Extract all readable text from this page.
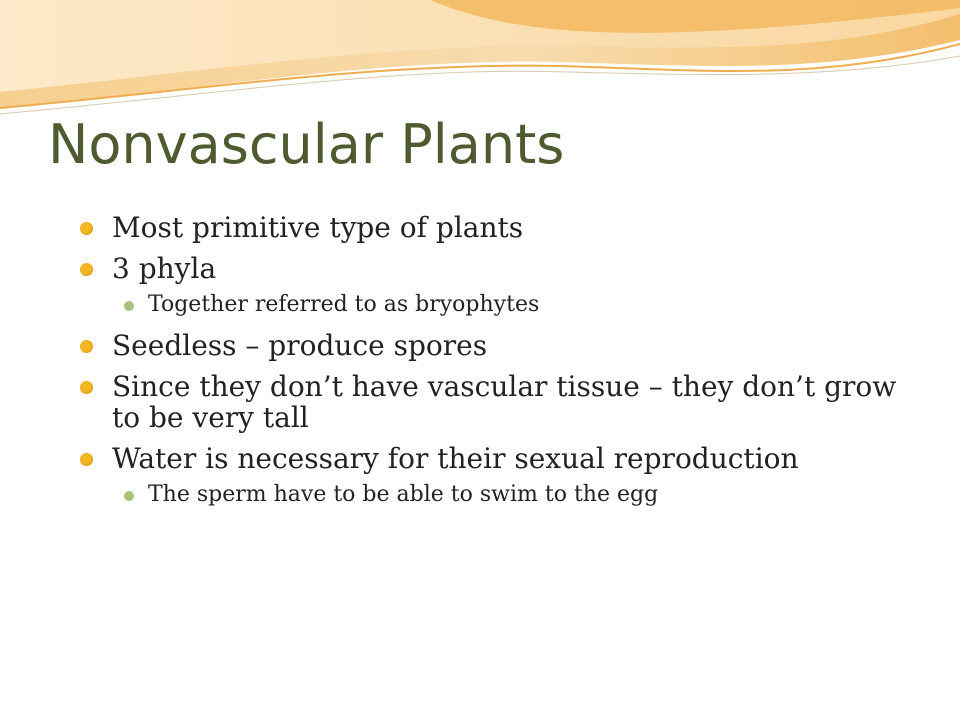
Nonvascular Plants
Most primitive type of plants
3 phyla
Together referred to as bryophytes
Seedless – produce spores
Since they don’t have vascular tissue – they don’t grow to be very tall
Water is necessary for their sexual reproduction
The sperm have to be able to swim to the egg
